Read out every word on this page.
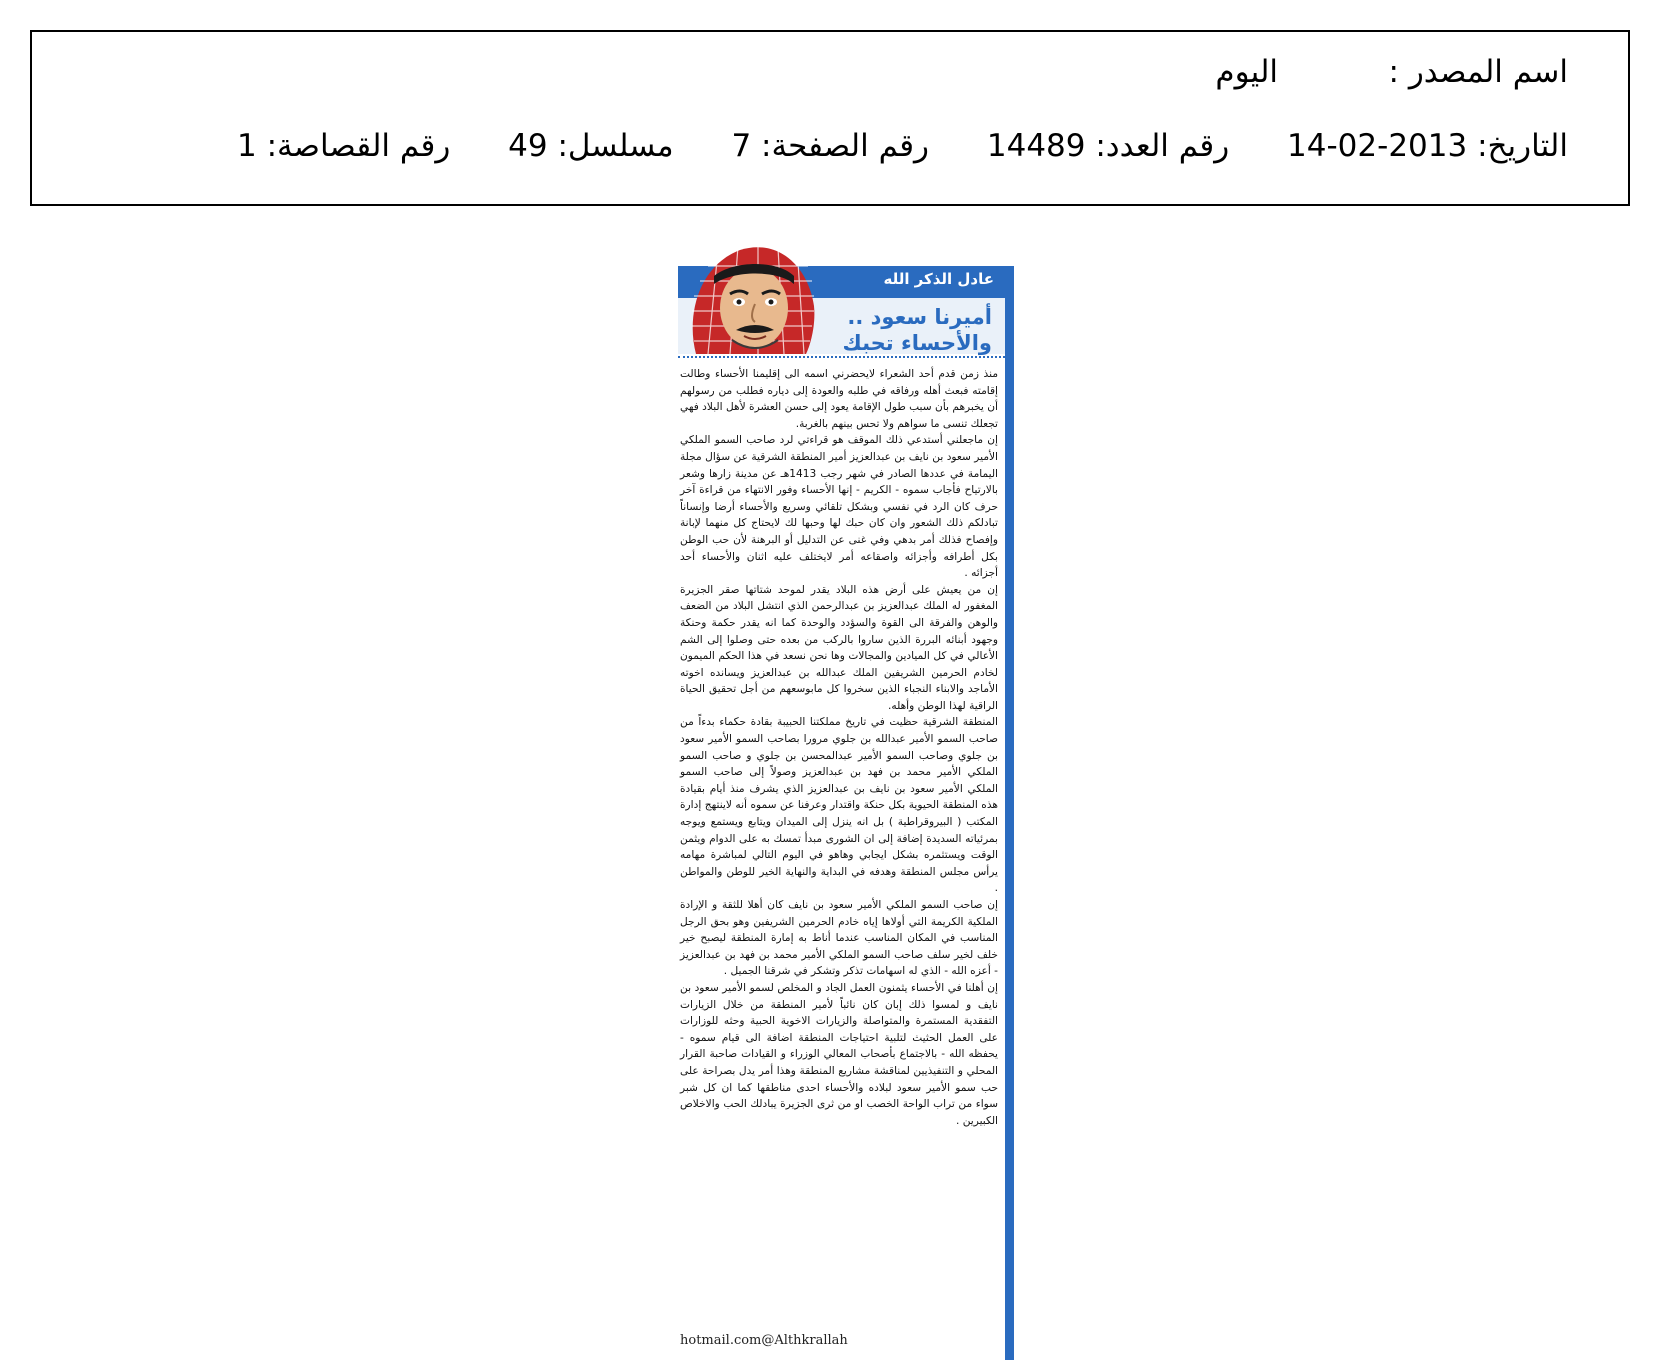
اسم المصدر :اليوم
التاريخ: 2013-02-14 رقم العدد: 14489 رقم الصفحة: 7 مسلسل: 49 رقم القصاصة: 1
عادل الذكر الله
أميرنا سعود ..
والأحساء تحبك

منذ زمن قدم أحد الشعراء لايحضرني اسمه الى إقليمنا الأحساء وطالت إقامته فبعث أهله ورفاقه في طلبه والعودة إلى دياره فطلب من رسولهم أن يخبرهم بأن سبب طول الإقامة يعود إلى حسن العشرة لأهل البلاد فهي تجعلك تنسى ما سواهم ولا تحس بينهم بالغربة.

إن ماجعلني أستدعي ذلك الموقف هو قراءتي لرد صاحب السمو الملكي الأمير سعود بن نايف بن عبدالعزيز أمير المنطقة الشرقية عن سؤال مجلة اليمامة في عددها الصادر في شهر رجب 1413هـ عن مدينة زارها وشعر بالارتياح فأجاب سموه - الكريم - إنها الأحساء وفور الانتهاء من قراءة آخر حرف كان الرد في نفسي وبشكل تلقائي وسريع والأحساء أرضا وإنساناً تبادلكم ذلك الشعور وان كان حبك لها وحبها لك لايحتاج كل منهما لإبانة وإفصاح فذلك أمر بدهي وفي غنى عن التدليل أو البرهنة لأن حب الوطن بكل أطرافه وأجزائه واصقاعه أمر لايختلف عليه اثنان والأحساء أحد أجزائه .

إن من يعيش على أرض هذه البلاد يقدر لموحد شتاتها صقر الجزيرة المغفور له الملك عبدالعزيز بن عبدالرحمن الذي انتشل البلاد من الضعف والوهن والفرقة الى القوة والسؤدد والوحدة كما انه يقدر حكمة وحنكة وجهود أبنائه البررة الذين ساروا بالركب من بعده حتى وصلوا إلى الشم الأعالي في كل الميادين والمجالات وها نحن نسعد في هذا الحكم الميمون لخادم الحرمين الشريفين الملك عبدالله بن عبدالعزيز ويسانده اخوته الأماجد والابناء النجباء الذين سخروا كل مابوسعهم من أجل تحقيق الحياة الراقية لهذا الوطن وأهله.

المنطقة الشرقية حظيت في تاريخ مملكتنا الحبيبة بقادة حكماء بدءاً من صاحب السمو الأمير عبدالله بن جلوي مرورا بصاحب السمو الأمير سعود بن جلوي وصاحب السمو الأمير عبدالمحسن بن جلوي و صاحب السمو الملكي الأمير محمد بن فهد بن عبدالعزيز وصولاً إلى صاحب السمو الملكي الأمير سعود بن نايف بن عبدالعزيز الذي يشرف منذ أيام بقيادة هذه المنطقة الحيوية بكل حنكة واقتدار وعرفنا عن سموه أنه لاينتهج إدارة المكتب ( البيروقراطية ) بل انه ينزل إلى الميدان ويتابع ويستمع ويوجه بمرئياته السديدة إضافة إلى ان الشورى مبدأ تمسك به على الدوام ويثمن الوقت ويستثمره بشكل ايجابي وهاهو في اليوم التالي لمباشرة مهامه يرأس مجلس المنطقة وهدفه في البداية والنهاية الخير للوطن والمواطن .

إن صاحب السمو الملكي الأمير سعود بن نايف كان أهلا للثقة و الإرادة الملكية الكريمة التي أولاها إياه خادم الحرمين الشريفين وهو بحق الرجل المناسب في المكان المناسب عندما أناط به إمارة المنطقة ليصبح خير خلف لخير سلف صاحب السمو الملكي الأمير محمد بن فهد بن عبدالعزيز - أعزه الله - الذي له اسهامات تذكر وتشكر في شرقنا الجميل .

إن أهلنا في الأحساء يثمنون العمل الجاد و المخلص لسمو الأمير سعود بن نايف و لمسوا ذلك إبان كان نائباً لأمير المنطقة من خلال الزيارات التفقدية المستمرة والمتواصلة والزيارات الاخوية الحبية وحثه للوزارات على العمل الحثيث لتلبية احتياجات المنطقة اضافة الى قيام سموه - يحفظه الله - بالاجتماع بأصحاب المعالي الوزراء و القيادات صاحبة القرار المحلي و التنفيذيين لمناقشة مشاريع المنطقة وهذا أمر يدل بصراحة على حب سمو الأمير سعود لبلاده والأحساء احدى مناطقها كما ان كل شبر سواء من تراب الواحة الخصب او من ثرى الجزيرة يبادلك الحب والاخلاص الكبيرين .

hotmail.com@Althkrallah
